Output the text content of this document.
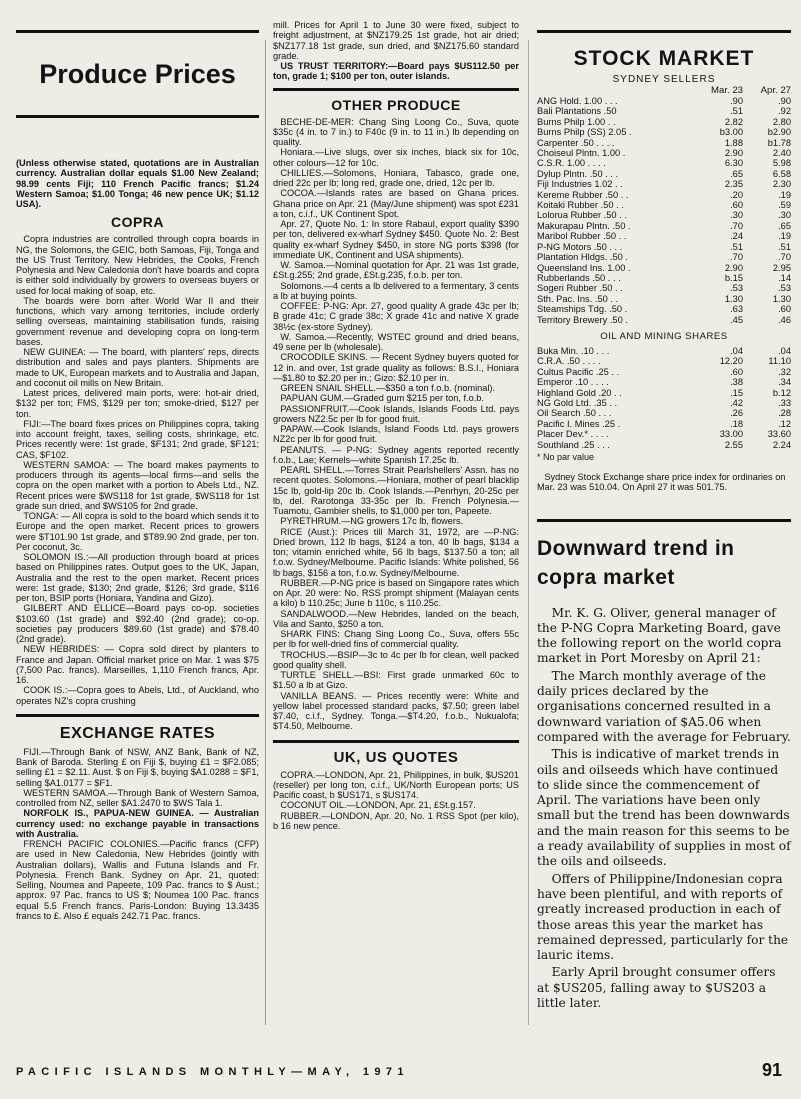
Produce Prices

(Unless otherwise stated, quotations are in Australian currency. Australian dollar equals $1.00 New Zealand; 98.99 cents Fiji; 110 French Pacific francs; $1.24 Western Samoa; $1.00 Tonga; 46 new pence UK; $1.12 USA).

COPRA

Copra industries are controlled through copra boards in NG, the Solomons, the GEIC, both Samoas, Fiji, Tonga and the US Trust Territory. New Hebrides, the Cooks, French Polynesia and New Caledonia don't have boards and copra is either sold individually by growers to overseas buyers or used for local making of soap, etc.

The boards were born after World War II and their functions, which vary among territories, include orderly selling overseas, maintaining stabilisation funds, raising government revenue and developing copra on long-term bases.

NEW GUINEA: — The board, with planters' reps, directs distribution and sales and pays planters. Shipments are made to UK, European markets and to Australia and Japan, and coconut oil mills on New Britain.

Latest prices, delivered main ports, were: hot-air dried, $132 per ton; FMS, $129 per ton; smoke-dried, $127 per ton.

FIJI:—The board fixes prices on Philippines copra, taking into account freight, taxes, selling costs, shrinkage, etc. Prices recently were: 1st grade, $F131; 2nd grade, $F121; CAS, $F102.

WESTERN SAMOA: — The board makes payments to producers through its agents—local firms—and sells the copra on the open market with a portion to Abels Ltd., NZ. Recent prices were $WS118 for 1st grade, $WS118 for 1st grade sun dried, and $WS105 for 2nd grade.

TONGA: — All copra is sold to the board which sends it to Europe and the open market. Recent prices to growers were $T101.90 1st grade, and $T89.90 2nd grade, per ton. Per coconut, 3c.

SOLOMON IS.:—All production through board at prices based on Philippines rates. Output goes to the UK, Japan, Australia and the rest to the open market. Recent prices were: 1st grade, $130; 2nd grade, $126; 3rd grade, $116 per ton, BSIP ports (Honiara, Yandina and Gizo).

GILBERT AND ELLICE—Board pays co-op. societies $103.60 (1st grade) and $92.40 (2nd grade); co-op. societies pay producers $89.60 (1st grade) and $78.40 (2nd grade).

NEW HEBRIDES: — Copra sold direct by planters to France and Japan. Official market price on Mar. 1 was $75 (7,500 Pac. francs). Marseilles, 1,110 French francs, Apr. 16.

COOK IS.:—Copra goes to Abels, Ltd., of Auckland, who operates NZ's copra crushing

EXCHANGE RATES

FIJI.—Through Bank of NSW, ANZ Bank, Bank of NZ, Bank of Baroda. Sterling £ on Fiji $, buying £1 = $F2.085; selling £1 = $2.11. Aust. $ on Fiji $, buying $A1.0288 = $F1, selling $A1.0177 = $F1.

WESTERN SAMOA.—Through Bank of Western Samoa, controlled from NZ, seller $A1.2470 to $WS Tala 1.

NORFOLK IS., PAPUA-NEW GUINEA. — Australian currency used: no exchange payable in transactions with Australia.

FRENCH PACIFIC COLONIES.—Pacific francs (CFP) are used in New Caledonia, New Hebrides (jointly with Australian dollars), Wallis and Futuna Islands and Fr. Polynesia. French Bank. Sydney on Apr. 21, quoted: Selling, Noumea and Papeete, 109 Pac. francs to $ Aust.; approx. 97 Pac. francs to US $; Noumea 100 Pac. francs equal 5.5 French francs. Paris-London: Buying 13.3435 francs to £. Also £ equals 242.71 Pac. francs.

mill. Prices for April 1 to June 30 were fixed, subject to freight adjustment, at $NZ179.25 1st grade, hot air dried; $NZ177.18 1st grade, sun dried, and $NZ175.60 standard grade.

US TRUST TERRITORY:—Board pays $US112.50 per ton, grade 1; $100 per ton, outer islands.

OTHER PRODUCE

BECHE-DE-MER: Chang Sing Loong Co., Suva, quote $35c (4 in. to 7 in.) to F40c (9 in. to 11 in.) lb depending on quality.

Honiara.—Live slugs, over six inches, black six for 10c, other colours—12 for 10c.

CHILLIES.—Solomons, Honiara, Tabasco, grade one, dried 22c per lb; long red, grade one, dried, 12c per lb.

COCOA.—Islands rates are based on Ghana prices. Ghana price on Apr. 21 (May/June shipment) was spot £231 a ton, c.i.f., UK Continent Spot.

Apr. 27, Quote No. 1: In store Rabaul, export quality $390 per ton, delivered ex-wharf Sydney $450. Quote No. 2: Best quality ex-wharf Sydney $450, in store NG ports $398 (for immediate UK, Continent and USA shipments).

W. Samoa.—Nominal quotation for Apr. 21 was 1st grade, £St.g.255; 2nd grade, £St.g.235, f.o.b. per ton.

Solomons.—4 cents a lb delivered to a fermentary, 3 cents a lb at buying points.

COFFEE: P-NG: Apr. 27, good quality A grade 43c per lb; B grade 41c; C grade 38c; X grade 41c and native X grade 38½c (ex-store Sydney).

W. Samoa.—Recently, WSTEC ground and dried beans, 49 sene per lb (wholesale).

CROCODILE SKINS. — Recent Sydney buyers quoted for 12 in. and over, 1st grade quality as follows: B.S.I., Honiara—$1.80 to $2.20 per in.; Gizo: $2.10 per in.

GREEN SNAIL SHELL.—$350 a ton f.o.b. (nominal).

PAPUAN GUM.—Graded gum $215 per ton, f.o.b.

PASSIONFRUIT.—Cook Islands, Islands Foods Ltd. pays growers NZ2.5c per lb for good fruit.

PAPAW.—Cook Islands, Island Foods Ltd. pays growers NZ2c per lb for good fruit.

PEANUTS. — P-NG: Sydney agents reported recently f.o.b., Lae; Kernels—white Spanish 17.25c lb.

PEARL SHELL.—Torres Strait Pearlshellers' Assn. has no recent quotes. Solomons.—Honiara, mother of pearl blacklip 15c lb, gold-lip 20c lb. Cook Islands.—Penrhyn, 20-25c per lb, del. Rarotonga 33-35c per lb. French Polynesia.—Tuamotu, Gambier shells, to $1,000 per ton, Papeete.

PYRETHRUM.—NG growers 17c lb, flowers.

RICE (Aust.): Prices till March 31, 1972, are —P-NG: Dried brown, 112 lb bags, $124 a ton, 40 lb bags, $134 a ton; vitamin enriched white, 56 lb bags, $137.50 a ton; all f.o.w. Sydney/Melbourne. Pacific Islands: White polished, 56 lb bags, $156 a ton, f.o.w. Sydney/Melbourne.

RUBBER.—P-NG price is based on Singapore rates which on Apr. 20 were: No. RSS prompt shipment (Malayan cents a kilo) b 110.25c; June b 110c, s 110.25c.

SANDALWOOD.—New Hebrides, landed on the beach, Vila and Santo, $250 a ton.

SHARK FINS: Chang Sing Loong Co., Suva, offers 55c per lb for well-dried fins of commercial quality.

TROCHUS.—BSIP—3c to 4c per lb for clean, well packed good quality shell.

TURTLE SHELL.—BSI: First grade unmarked 60c to $1.50 a lb at Gizo.

VANILLA BEANS. — Prices recently were: White and yellow label processed standard packs, $7.50; green label $7.40, c.i.f., Sydney. Tonga.—$T4.20, f.o.b., Nukualofa; $T4.50, Melbourne.

UK, US QUOTES

COPRA.—LONDON, Apr. 21, Philippines, in bulk, $US201 (reseller) per long ton, c.i.f., UK/North European ports; US Pacific coast, b $US171, s $US174.

COCONUT OIL.—LONDON, Apr. 21, £St.g.157.

RUBBER.—LONDON, Apr. 20, No. 1 RSS Spot (per kilo), b 16 new pence.

STOCK MARKET

SYDNEY SELLERS

	Mar. 23	Apr. 27
ANG Hold. 1.00 . . .	.90	.90
Bali Plantations .50	.51	.92
Burns Philp 1.00 . .	2.82	2.80
Burns Philp (SS) 2.05 .	b3.00	b2.90
Carpenter .50 . . . .	1.88	b1.78
Choiseul Plntn. 1.00 .	2.90	2.40
C.S.R. 1.00 . . . .	6.30	5.98
Dylup Plntn. .50 . . .	.65	6.58
Fiji Industries 1.02 . .	2.35	2.30
Kereme Rubber .50 . .	.20	.19
Koitaki Rubber .50 . .	.60	.59
Lolorua Rubber .50 . .	.30	.30
Makurapau Plntn. .50 .	.70	.65
Maribol Rubber .50 . .	.24	.19
P-NG Motors .50 . . .	.51	.51
Plantation Hldgs. .50 .	.70	.70
Queensland Ins. 1.00 .	2.90	2.95
Rubberlands .50 . . .	b.15	.14
Sogeri Rubber .50 . .	.53	.53
Sth. Pac. Ins. .50 . .	1.30	1.30
Steamships Tdg. .50 .	.63	.60
Territory Brewery .50 .	.45	.46
OIL AND MINING SHARES
Buka Min. .10 . . .	.04	.04
C.R.A. .50 . . . .	12.20	11.10
Cultus Pacific .25 . .	.60	.32
Emperor .10 . . . .	.38	.34
Highland Gold .20 . .	.15	b.12
NG Gold Ltd. .35 . .	.42	.33
Oil Search .50 . . .	.26	.28
Pacific I. Mines .25 .	.18	.12
Placer Dev.* . . . .	33.00	33.60
Southland .25 . . .	2.55	2.24

* No par value

Sydney Stock Exchange share price index for ordinaries on Mar. 23 was 510.04. On April 27 it was 501.75.

Downward trend in copra market

Mr. K. G. Oliver, general manager of the P-NG Copra Marketing Board, gave the following report on the world copra market in Port Moresby on April 21:

The March monthly average of the daily prices declared by the organisations concerned resulted in a downward variation of $A5.06 when compared with the average for February.

This is indicative of market trends in oils and oilseeds which have continued to slide since the commencement of April. The variations have been only small but the trend has been downwards and the main reason for this seems to be a ready availability of supplies in most of the oils and oilseeds.

Offers of Philippine/Indonesian copra have been plentiful, and with reports of greatly increased production in each of those areas this year the market has remained depressed, particularly for the lauric items.

Early April brought consumer offers at $US205, falling away to $US203 a little later.

PACIFIC ISLANDS MONTHLY—MAY, 1971	91
